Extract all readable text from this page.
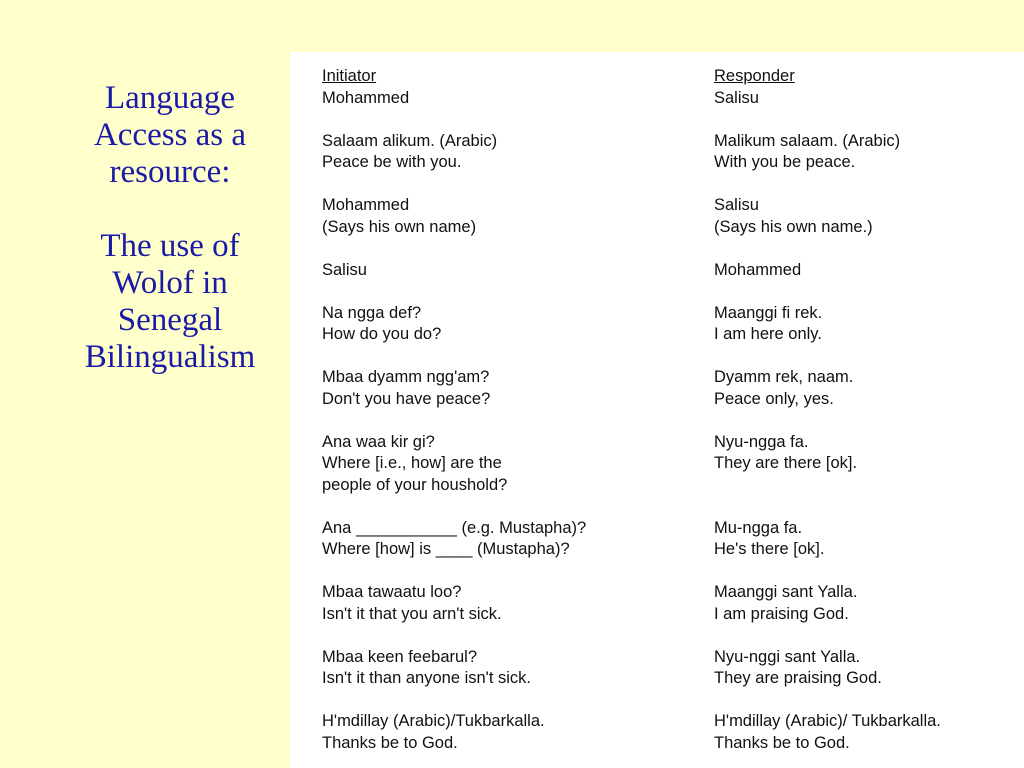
Language
Access as a
resource:
The use of
Wolof in
Senegal
Bilingualism
Initiator
Mohammed
Salaam alikum. (Arabic)
Peace be with you.
Mohammed
(Says his own name)
Salisu
Na ngga def?
How do you do?
Mbaa dyamm ngg'am?
Don't you have peace?
Ana waa kir gi?
Where [i.e., how] are the
people of your houshold?
Ana ___________ (e.g. Mustapha)?
Where [how] is ____ (Mustapha)?
Mbaa tawaatu loo?
Isn't it that you arn't sick.
Mbaa keen feebarul?
Isn't it than anyone isn't sick.
H'mdillay (Arabic)/Tukbarkalla.
Thanks be to God.
Responder
Salisu
Malikum salaam. (Arabic)
With you be peace.
Salisu
(Says his own name.)
Mohammed
Maanggi fi rek.
I am here only.
Dyamm rek, naam.
Peace only, yes.
Nyu-ngga fa.
They are there [ok].
Mu-ngga fa.
He's there [ok].
Maanggi sant Yalla.
I am praising God.
Nyu-nggi sant Yalla.
They are praising God.
H'mdillay (Arabic)/ Tukbarkalla.
Thanks be to God.
